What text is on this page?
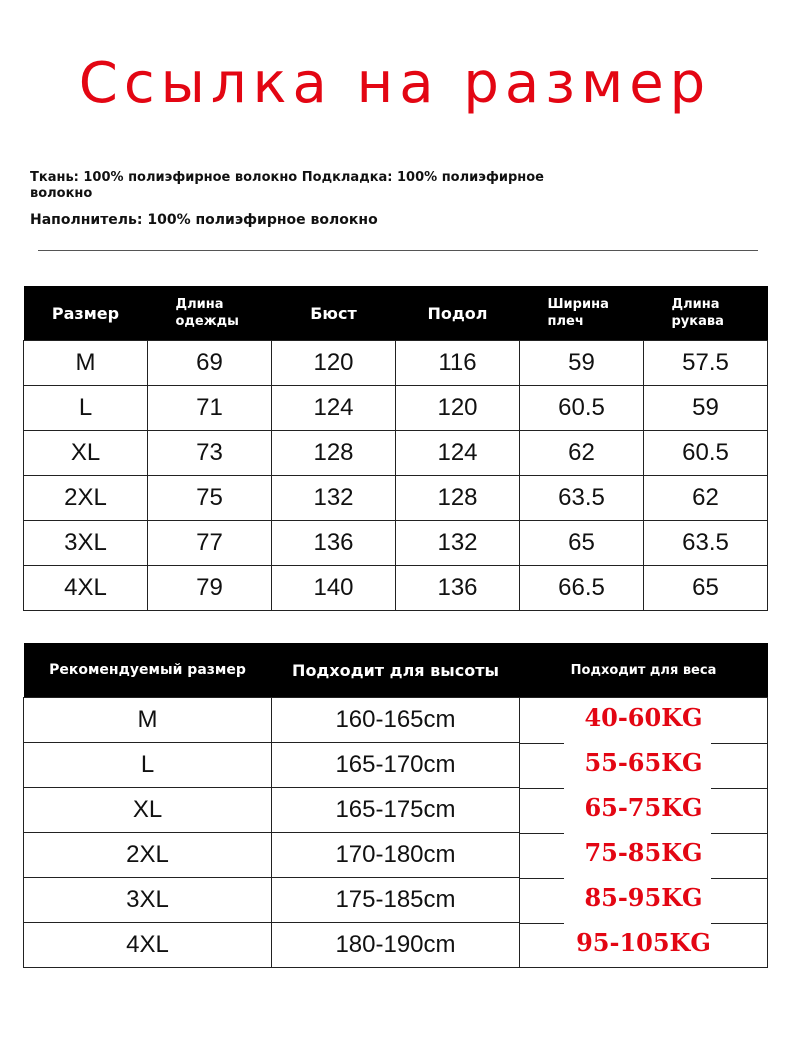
Ссылка на размер
Ткань: 100% полиэфирное волокно Подкладка: 100% полиэфирное волокно
Наполнитель: 100% полиэфирное волокно
Размер	Длина одежды	Бюст	Подол	Ширина плеч	Длина рукава
M	69	120	116	59	57.5
L	71	124	120	60.5	59
XL	73	128	124	62	60.5
2XL	75	132	128	63.5	62
3XL	77	136	132	65	63.5
4XL	79	140	136	66.5	65
Рекомендуемый размер	Подходит для высоты	Подходит для веса
M	160-165cm	40-60KG

L	165-170cm	55-65KG

XL	165-175cm	65-75KG

2XL	170-180cm	75-85KG

3XL	175-185cm	85-95KG

4XL	180-190cm	95-105KG
